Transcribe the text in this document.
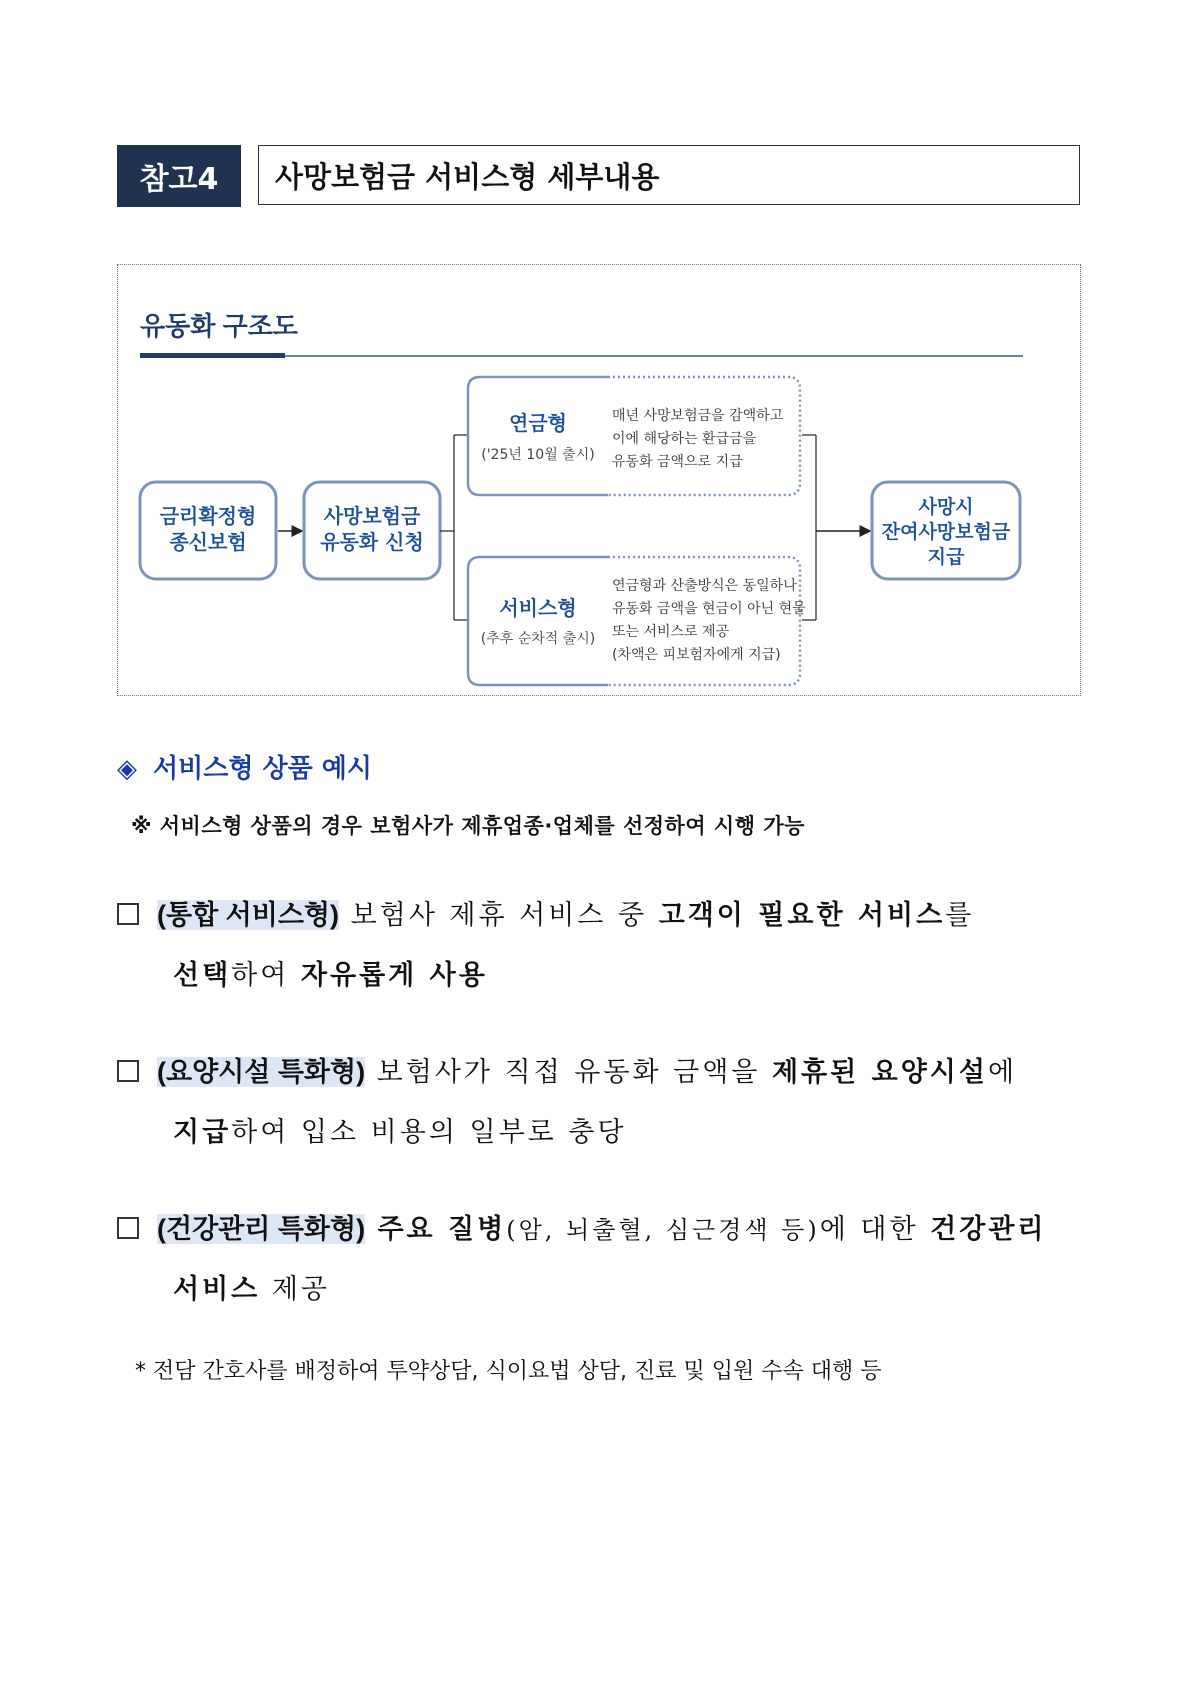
참고4	사망보험금 서비스형 세부내용
유동화 구조도
금리확정형
종신보험
사망보험금
유동화 신청
연금형
('25년 10월 출시)
매년 사망보험금을 감액하고
이에 해당하는 환급금을
유동화 금액으로 지급
서비스형
(추후 순차적 출시)
연금형과 산출방식은 동일하나
유동화 금액을 현금이 아닌 현물
또는 서비스로 제공
(차액은 피보험자에게 지급)
사망시
잔여사망보험금
지급
◈ 서비스형 상품 예시
※ 서비스형 상품의 경우 보험사가 제휴업종·업체를 선정하여 시행 가능
(통합 서비스형) 보험사 제휴 서비스 중 고객이 필요한 서비스를
선택하여 자유롭게 사용
(요양시설 특화형) 보험사가 직접 유동화 금액을 제휴된 요양시설에
지급하여 입소 비용의 일부로 충당
(건강관리 특화형) 주요 질병(암, 뇌출혈, 심근경색 등)에 대한 건강관리
서비스 제공
* 전담 간호사를 배정하여 투약상담, 식이요법 상담, 진료 및 입원 수속 대행 등
